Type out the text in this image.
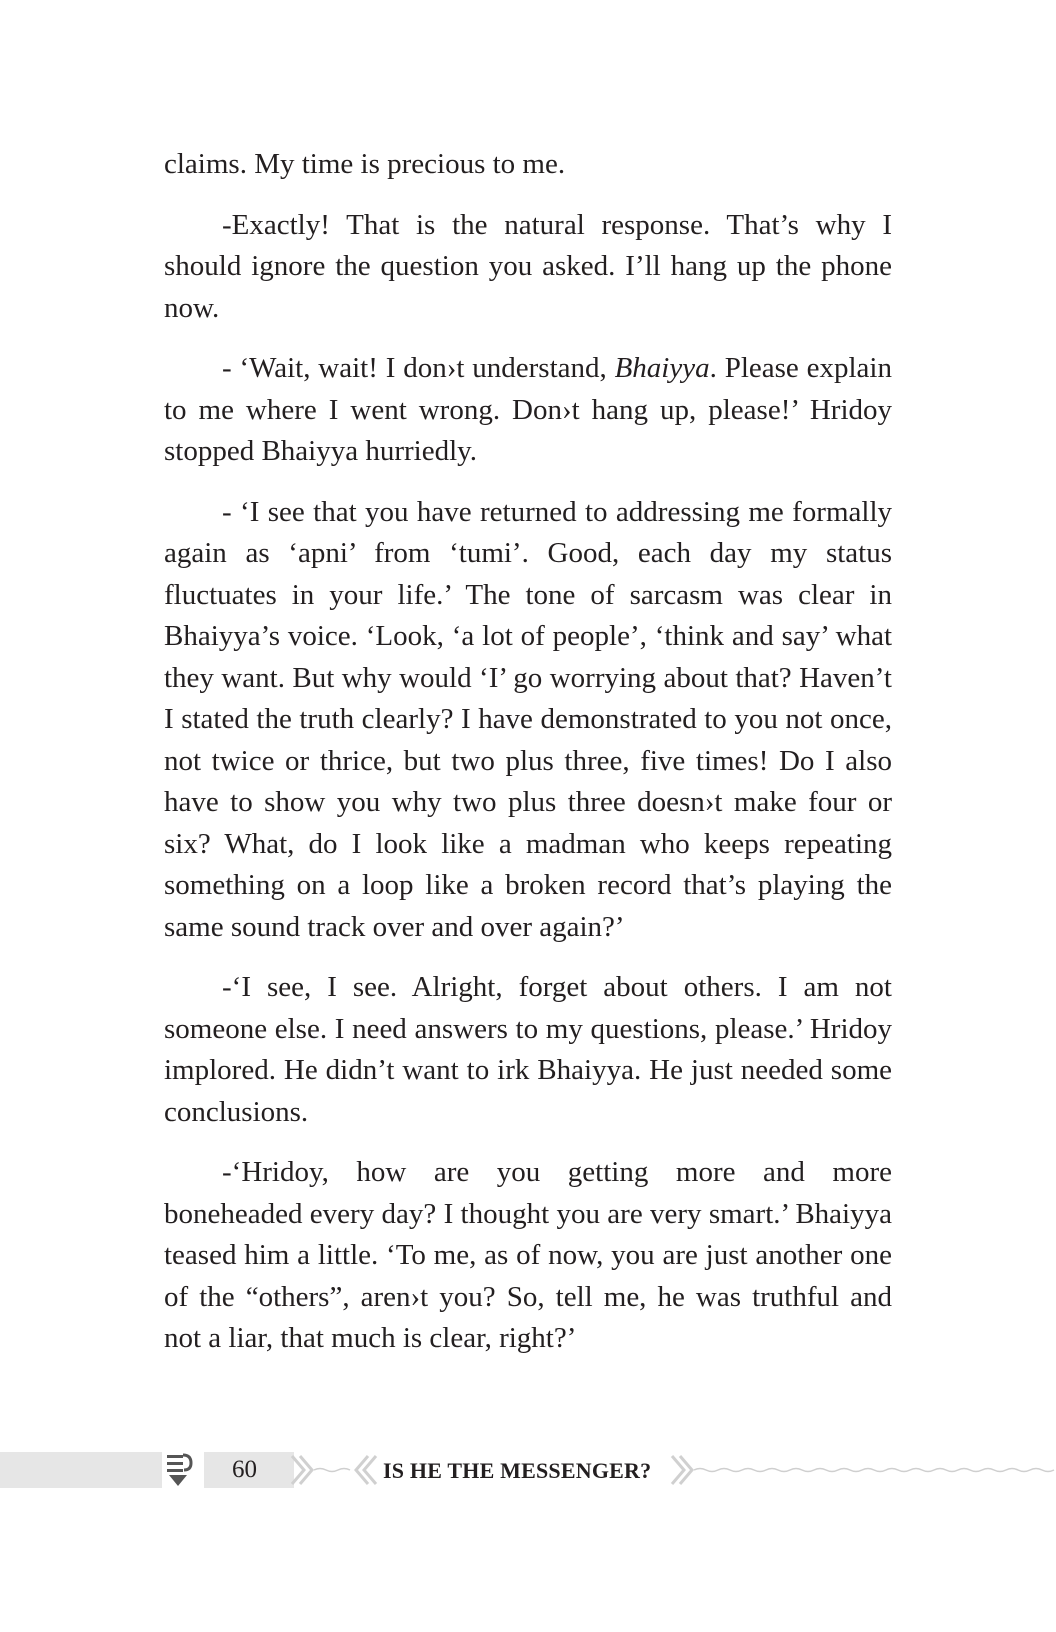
claims. My time is precious to me.

-Exactly! That is the natural response. That’s why I should ignore the question you asked. I’ll hang up the phone now.

- ‘Wait, wait! I don›t understand, Bhaiyya. Please explain to me where I went wrong. Don›t hang up, please!’ Hridoy stopped Bhaiyya hurriedly.

- ‘I see that you have returned to addressing me formally again as ‘apni’ from ‘tumi’. Good, each day my status fluctuates in your life.’ The tone of sarcasm was clear in Bhaiyya’s voice. ‘Look, ‘a lot of people’, ‘think and say’ what they want. But why would ‘I’ go worrying about that? Haven’t I stated the truth clearly? I have demonstrated to you not once, not twice or thrice, but two plus three, five times! Do I also have to show you why two plus three doesn›t make four or six? What, do I look like a madman who keeps repeating something on a loop like a broken record that’s playing the same sound track over and over again?’

-‘I see, I see. Alright, forget about others. I am not someone else. I need answers to my questions, please.’ Hridoy implored. He didn’t want to irk Bhaiyya. He just needed some conclusions.

-‘Hridoy, how are you getting more and more boneheaded every day? I thought you are very smart.’ Bhaiyya teased him a little. ‘To me, as of now, you are just another one of the “others”, aren›t you? So, tell me, he was truthful and not a liar, that much is clear, right?’

60	IS HE THE MESSENGER?
